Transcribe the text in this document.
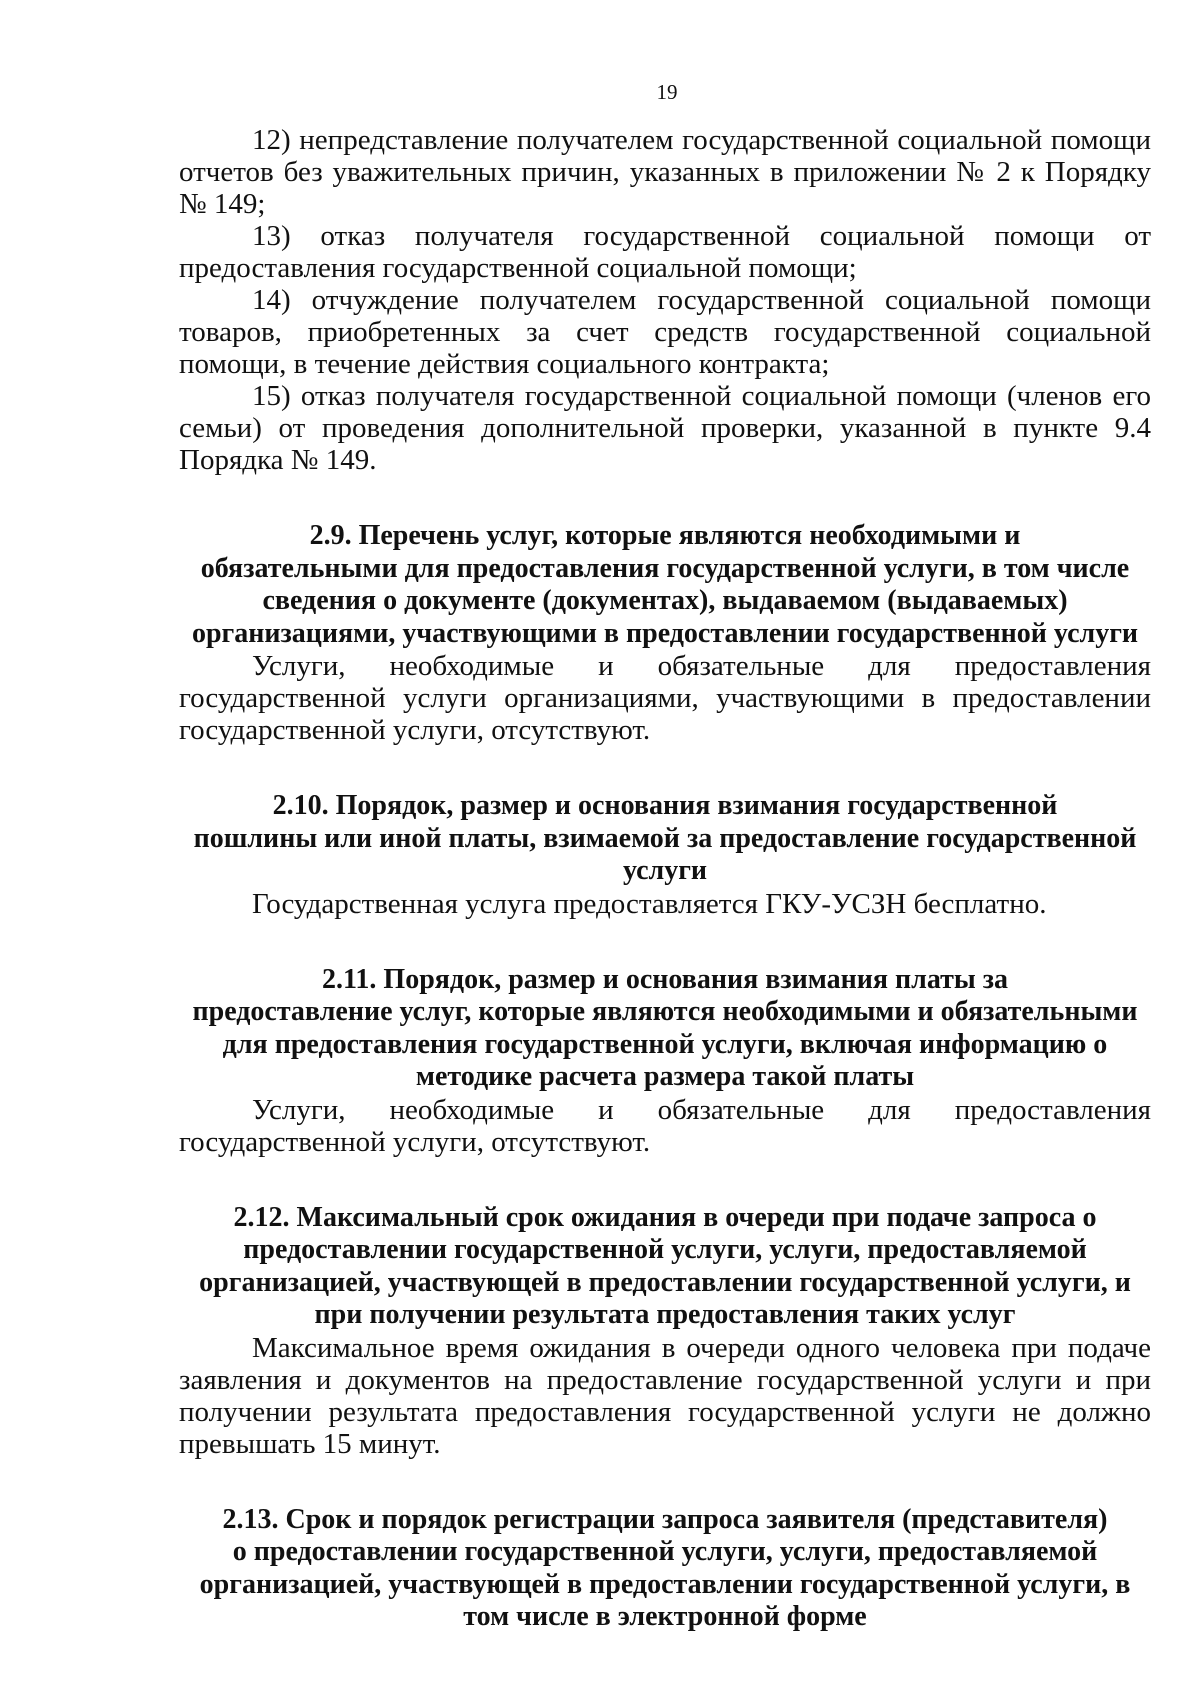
19

12) непредставление получателем государственной социальной помощи отчетов без уважительных причин, указанных в приложении № 2 к Порядку № 149;

13) отказ получателя государственной социальной помощи от предоставления государственной социальной помощи;

14) отчуждение получателем государственной социальной помощи товаров, приобретенных за счет средств государственной социальной помощи, в течение действия социального контракта;

15) отказ получателя государственной социальной помощи (членов его семьи) от проведения дополнительной проверки, указанной в пункте 9.4 Порядка № 149.

2.9. Перечень услуг, которые являются необходимыми и
обязательными для предоставления государственной услуги, в том числе
сведения о документе (документах), выдаваемом (выдаваемых)
организациями, участвующими в предоставлении государственной услуги

Услуги, необходимые и обязательные для предоставления государственной услуги организациями, участвующими в предоставлении государственной услуги, отсутствуют.

2.10. Порядок, размер и основания взимания государственной
пошлины или иной платы, взимаемой за предоставление государственной
услуги

Государственная услуга предоставляется ГКУ-УСЗН бесплатно.

2.11. Порядок, размер и основания взимания платы за
предоставление услуг, которые являются необходимыми и обязательными
для предоставления государственной услуги, включая информацию о
методике расчета размера такой платы

Услуги, необходимые и обязательные для предоставления государственной услуги, отсутствуют.

2.12. Максимальный срок ожидания в очереди при подаче запроса о
предоставлении государственной услуги, услуги, предоставляемой
организацией, участвующей в предоставлении государственной услуги, и
при получении результата предоставления таких услуг

Максимальное время ожидания в очереди одного человека при подаче заявления и документов на предоставление государственной услуги и при получении результата предоставления государственной услуги не должно превышать 15 минут.

2.13. Срок и порядок регистрации запроса заявителя (представителя)
о предоставлении государственной услуги, услуги, предоставляемой
организацией, участвующей в предоставлении государственной услуги, в
том числе в электронной форме
